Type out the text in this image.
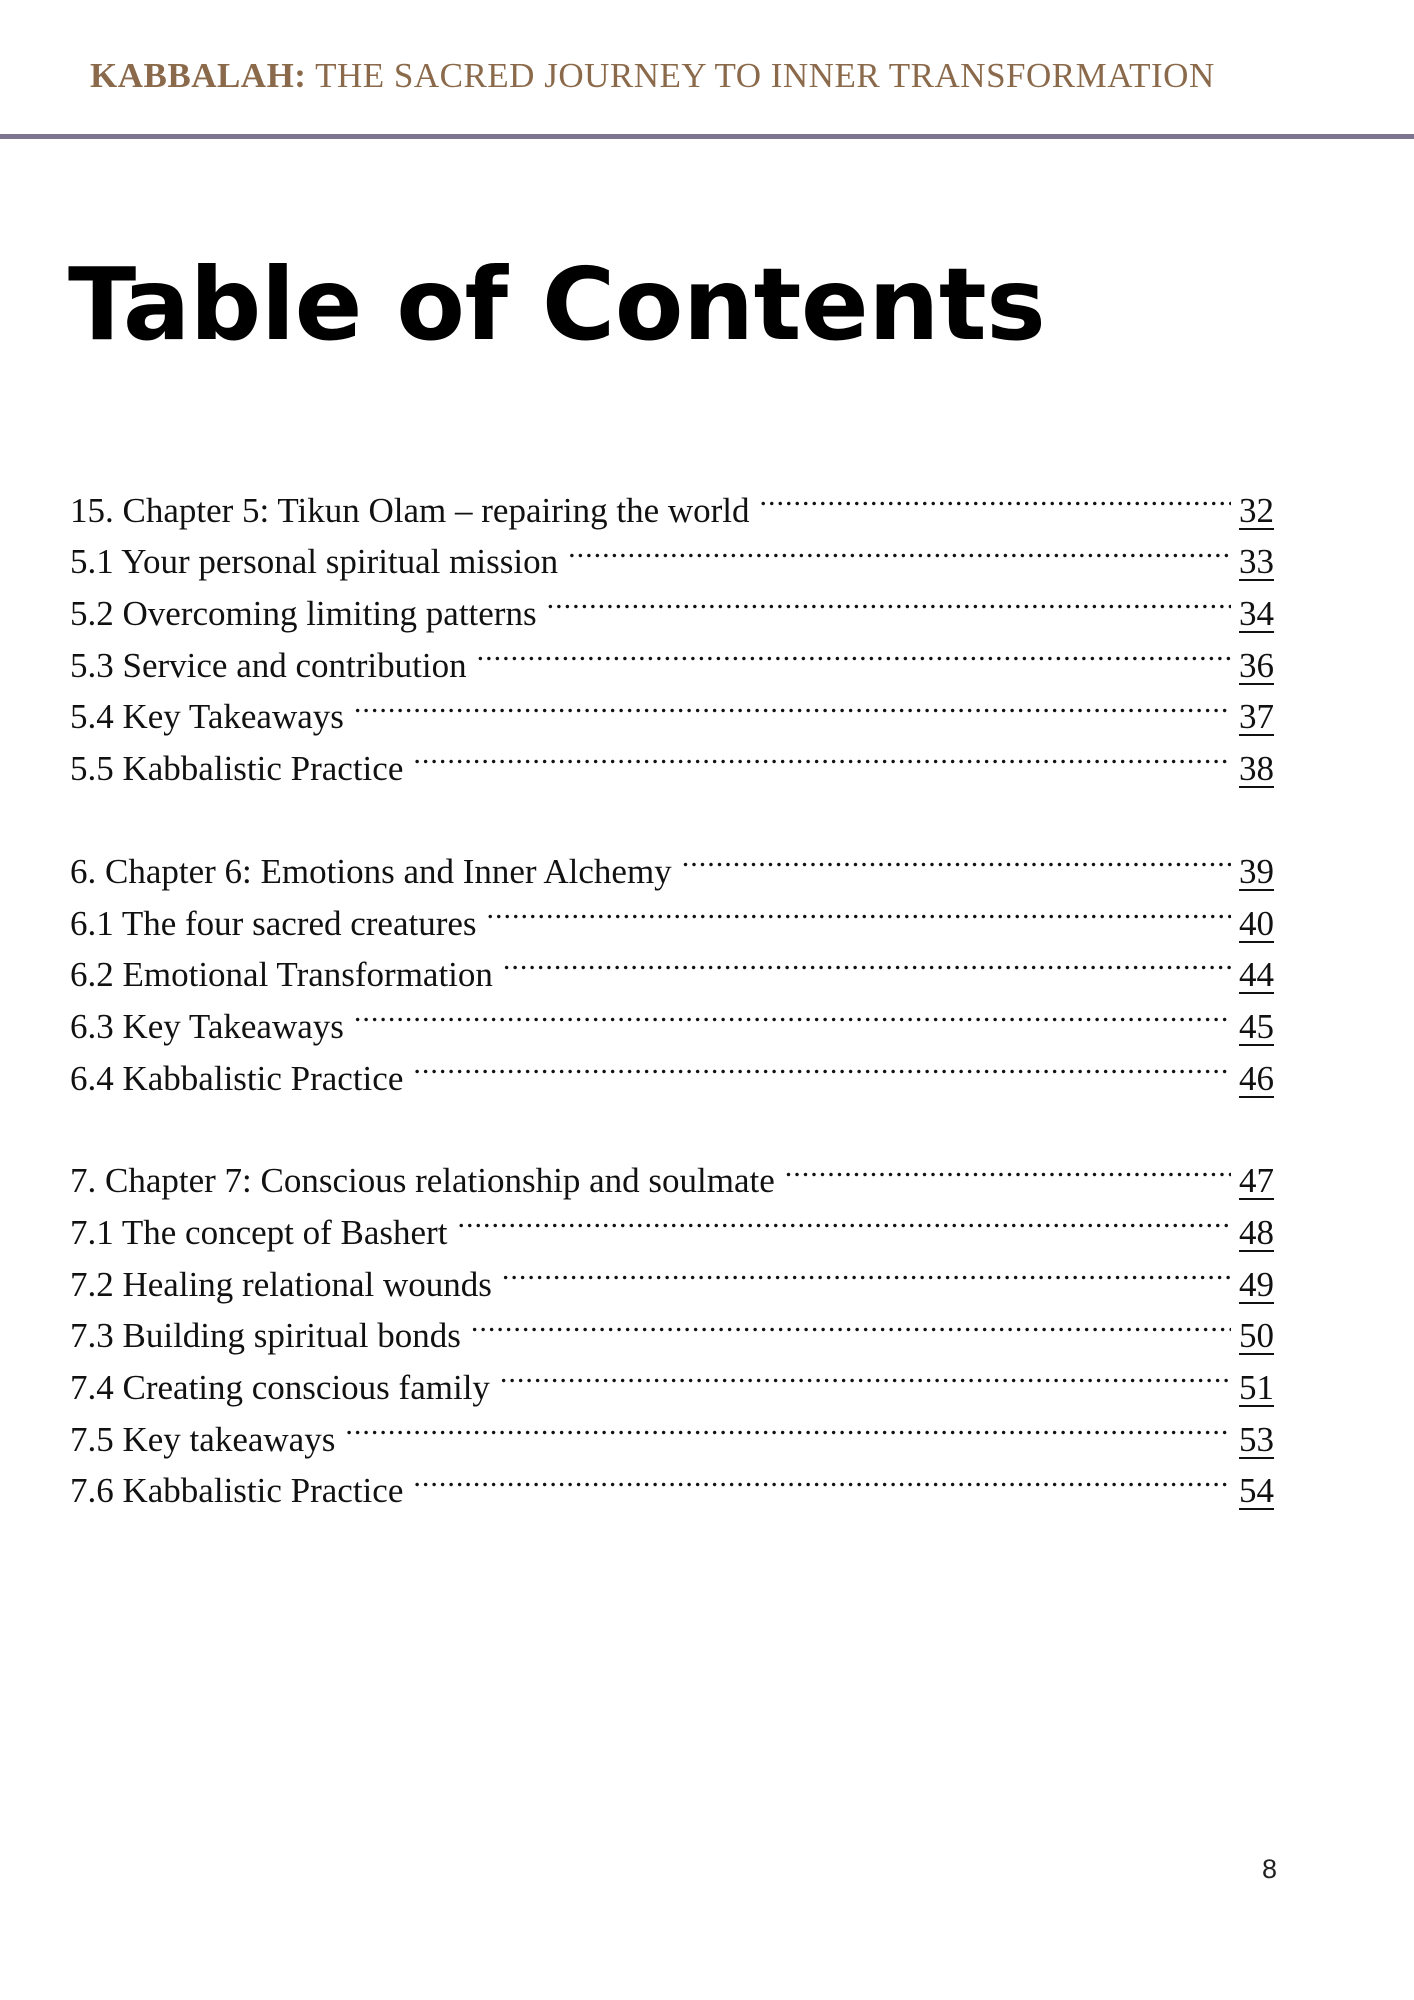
KABBALAH: THE SACRED JOURNEY TO INNER TRANSFORMATION
Table of Contents
15. Chapter 5: Tikun Olam – repairing the world .....	32
5.1 Your personal spiritual mission .....	33
5.2 Overcoming limiting patterns .....	34
5.3 Service and contribution .....	36
5.4 Key Takeaways .....	37
5.5 Kabbalistic Practice .....	38
6. Chapter 6: Emotions and Inner Alchemy .....	39
6.1 The four sacred creatures .....	40
6.2 Emotional Transformation .....	44
6.3 Key Takeaways .....	45
6.4 Kabbalistic Practice .....	46
7. Chapter 7: Conscious relationship and soulmate .....	47
7.1 The concept of Bashert .....	48
7.2 Healing relational wounds .....	49
7.3 Building spiritual bonds .....	50
7.4 Creating conscious family .....	51
7.5 Key takeaways .....	53
7.6 Kabbalistic Practice .....	54
8
